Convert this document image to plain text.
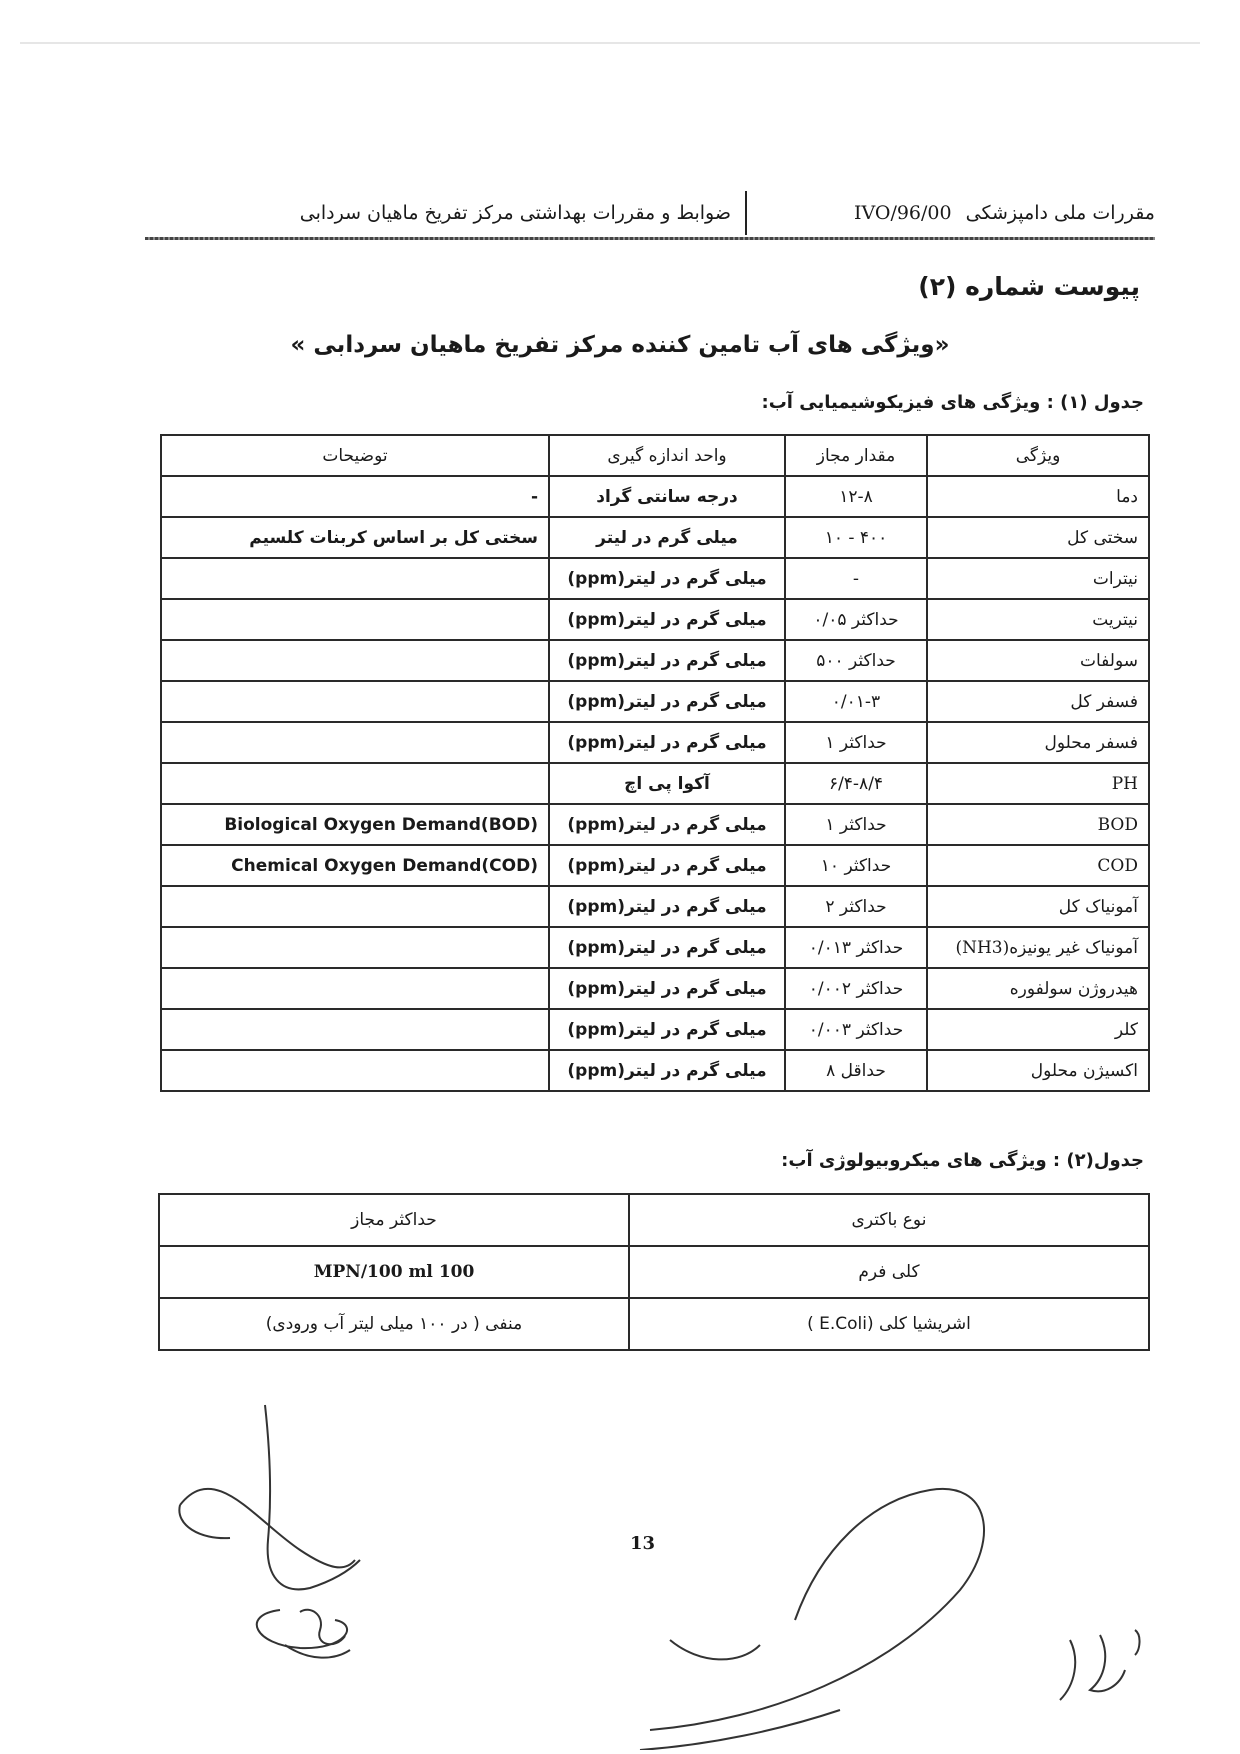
مقررات ملی دامپزشکی
96/00/IVO
ضوابط و مقررات بهداشتی مرکز تفریخ ماهیان سردابی
پیوست شماره (۲)
«ویژگی های آب تامین کننده مرکز تفریخ ماهیان سردابی »
جدول (۱) : ویژگی های فیزیکوشیمیایی آب:
ویژگی	مقدار مجاز	واحد اندازه گیری	توضیحات
دما	۱۲-۸	درجه سانتی گراد	-
سختی کل	۴۰۰ - ۱۰	میلی گرم در لیتر	سختی کل بر اساس کربنات کلسیم
نیترات	-	میلی گرم در لیتر(ppm)	
نیتریت	حداکثر ۰/۰۵	میلی گرم در لیتر(ppm)	
سولفات	حداکثر ۵۰۰	میلی گرم در لیتر(ppm)	
فسفر کل	۰/۰۱-۳	میلی گرم در لیتر(ppm)	
فسفر محلول	حداکثر ۱	میلی گرم در لیتر(ppm)	
PH	۶/۴-۸/۴	آکوا پی اچ	
BOD	حداکثر ۱	میلی گرم در لیتر(ppm)	(BOD)Biological Oxygen Demand
COD	حداکثر ۱۰	میلی گرم در لیتر(ppm)	(COD)Chemical Oxygen Demand
آمونیاک کل	حداکثر ۲	میلی گرم در لیتر(ppm)	
آمونیاک غیر یونیزه(NH3)	حداکثر ۰/۰۱۳	میلی گرم در لیتر(ppm)	
هیدروژن سولفوره	حداکثر ۰/۰۰۲	میلی گرم در لیتر(ppm)	
کلر	حداکثر ۰/۰۰۳	میلی گرم در لیتر(ppm)	
اکسیژن محلول	حداقل ۸	میلی گرم در لیتر(ppm)	
جدول(۲) : ویژگی های میکروبیولوژی آب:
نوع باکتری	حداکثر مجاز
کلی فرم	100 MPN/100 ml
اشریشیا کلی (E.Coli )	منفی ( در ۱۰۰ میلی لیتر آب ورودی)
13
